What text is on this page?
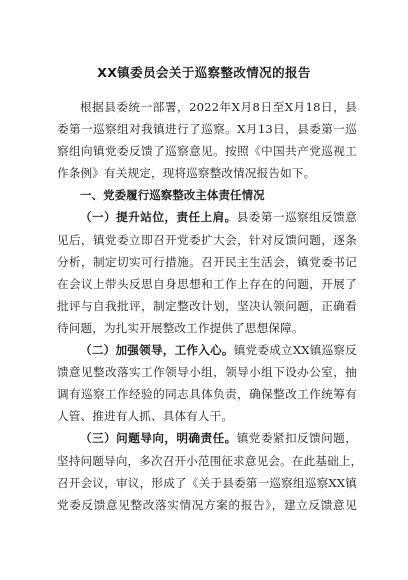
XX镇委员会关于巡察整改情况的报告
根据县委统一部署，2022年X月8日至X月18日，县
委第一巡察组对我镇进行了巡察。X月13日，县委第一巡
察组向镇党委反馈了巡察意见。按照《中国共产党巡视工
作条例》有关规定，现将巡察整改情况报告如下。
一、党委履行巡察整改主体责任情况
（一）提升站位，责任上肩。县委第一巡察组反馈意
见后，镇党委立即召开党委扩大会，针对反馈问题，逐条
分析，制定切实可行措施。召开民主生活会，镇党委书记
在会议上带头反思自身思想和工作上存在的问题，开展了
批评与自我批评，制定整改计划，坚决认领问题，正确看
待问题，为扎实开展整改工作提供了思想保障。
（二）加强领导，工作入心。镇党委成立XX镇巡察反
馈意见整改落实工作领导小组，领导小组下设办公室，抽
调有巡察工作经验的同志具体负责，确保整改工作统筹有
人管、推进有人抓、具体有人干。
（三）问题导向，明确责任。镇党委紧扣反馈问题，
坚持问题导向，多次召开小范围征求意见会。在此基础上，
召开会议，审议，形成了《关于县委第一巡察组巡察XX镇
党委反馈意见整改落实情况方案的报告》，建立反馈意见
